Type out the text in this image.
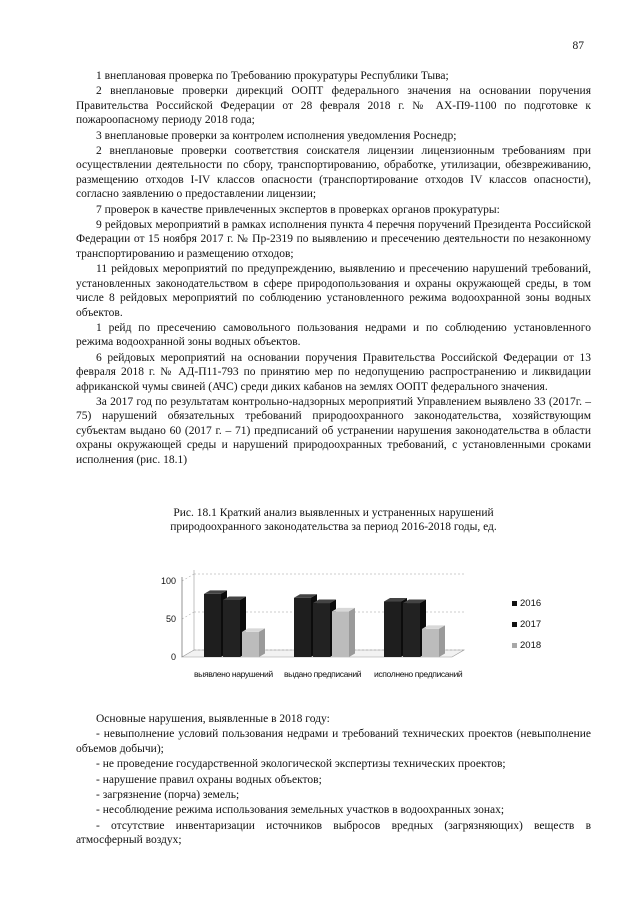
87

1 внеплановая проверка по Требованию прокуратуры Республики Тыва;

2 внеплановые проверки дирекций ООПТ федерального значения на основании поручения Правительства Российской Федерации от 28 февраля 2018 г. № АХ-П9-1100 по подготовке к пожароопасному периоду 2018 года;

3 внеплановые проверки за контролем исполнения уведомления Роснедр;

2 внеплановые проверки соответствия соискателя лицензии лицензионным требованиям при осуществлении деятельности по сбору, транспортированию, обработке, утилизации, обезвреживанию, размещению отходов I-IV классов опасности (транспортирование отходов IV классов опасности), согласно заявлению о предоставлении лицензии;

7 проверок в качестве привлеченных экспертов в проверках органов прокуратуры:

9 рейдовых мероприятий в рамках исполнения пункта 4 перечня поручений Президента Российской Федерации от 15 ноября 2017 г. № Пр-2319 по выявлению и пресечению деятельности по незаконному транспортированию и размещению отходов;

11 рейдовых мероприятий по предупреждению, выявлению и пресечению нарушений требований, установленных законодательством в сфере природопользования и охраны окружающей среды, в том числе 8 рейдовых мероприятий по соблюдению установленного режима водоохранной зоны водных объектов.

1 рейд по пресечению самовольного пользования недрами и по соблюдению установленного режима водоохранной зоны водных объектов.

6 рейдовых мероприятий на основании поручения Правительства Российской Федерации от 13 февраля 2018 г. № АД-П11-793 по принятию мер по недопущению распространению и ликвидации африканской чумы свиней (АЧС) среди диких кабанов на землях ООПТ федерального значения.

За 2017 год по результатам контрольно-надзорных мероприятий Управлением выявлено 33 (2017г. – 75) нарушений обязательных требований природоохранного законодательства, хозяйствующим субъектам выдано 60 (2017 г. – 71) предписаний об устранении нарушения законодательства в области охраны окружающей среды и нарушений природоохранных требований, с установленными сроками исполнения (рис. 18.1)

Рис. 18.1 Краткий анализ выявленных и устраненных нарушений
природоохранного законодательства за период 2016-2018 годы, ед.
0
50
100
выявлено нарушений выдано предписаний исполнено предписаний
2016
2017
2018

Основные нарушения, выявленные в 2018 году:

- невыполнение условий пользования недрами и требований технических проектов (невыполнение объемов добычи);

- не проведение государственной экологической экспертизы технических проектов;

- нарушение правил охраны водных объектов;

- загрязнение (порча) земель;

- несоблюдение режима использования земельных участков в водоохранных зонах;

- отсутствие инвентаризации источников выбросов вредных (загрязняющих) веществ в атмосферный воздух;
